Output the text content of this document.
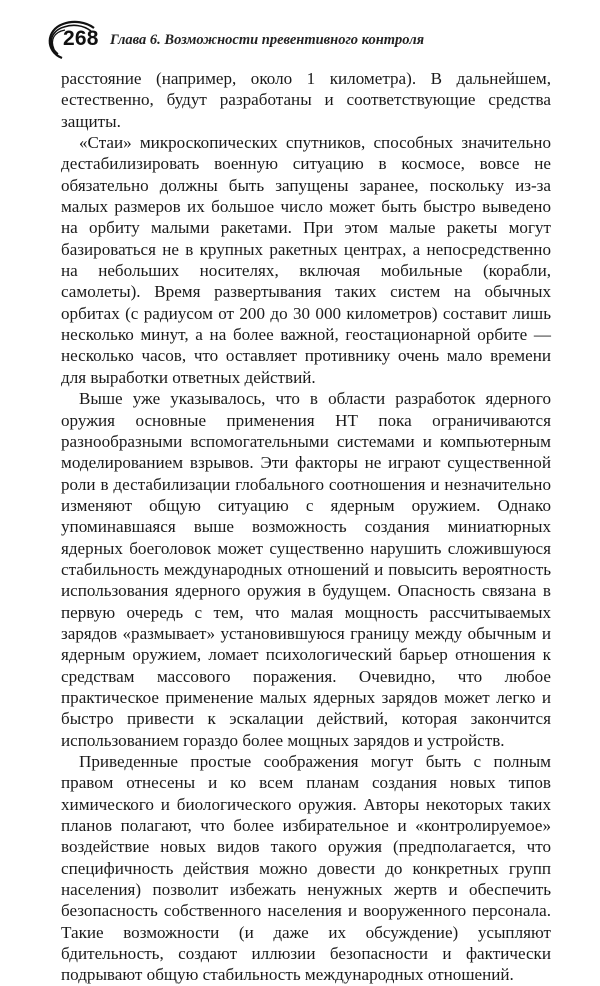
268 Глава 6. Возможности превентивного контроля

расстояние (например, около 1 километра). В дальнейшем, естественно, будут разработаны и соответствующие средства защиты.

«Стаи» микроскопических спутников, способных значительно дестабилизировать военную ситуацию в космосе, вовсе не обязательно должны быть запущены заранее, поскольку из-за малых размеров их большое число может быть быстро выведено на орбиту малыми ракетами. При этом малые ракеты могут базироваться не в крупных ракетных центрах, а непосредственно на небольших носителях, включая мобильные (корабли, самолеты). Время развертывания таких систем на обычных орбитах (с радиусом от 200 до 30 000 километров) составит лишь несколько минут, а на более важной, геостационарной орбите — несколько часов, что оставляет противнику очень мало времени для выработки ответных действий.

Выше уже указывалось, что в области разработок ядерного оружия основные применения НТ пока ограничиваются разнообразными вспомогательными системами и компьютерным моделированием взрывов. Эти факторы не играют существенной роли в дестабилизации глобального соотношения и незначительно изменяют общую ситуацию с ядерным оружием. Однако упоминавшаяся выше возможность создания миниатюрных ядерных боеголовок может существенно нарушить сложившуюся стабильность международных отношений и повысить вероятность использования ядерного оружия в будущем. Опасность связана в первую очередь с тем, что малая мощность рассчитываемых зарядов «размывает» установившуюся границу между обычным и ядерным оружием, ломает психологический барьер отношения к средствам массового поражения. Очевидно, что любое практическое применение малых ядерных зарядов может легко и быстро привести к эскалации действий, которая закончится использованием гораздо более мощных зарядов и устройств.

Приведенные простые соображения могут быть с полным правом отнесены и ко всем планам создания новых типов химического и биологического оружия. Авторы некоторых таких планов полагают, что более избирательное и «контролируемое» воздействие новых видов такого оружия (предполагается, что специфичность действия можно довести до конкретных групп населения) позволит избежать ненужных жертв и обеспечить безопасность собственного населения и вооруженного персонала. Такие возможности (и даже их обсуждение) усыпляют бдительность, создают иллюзии безопасности и фактически подрывают общую стабильность международных отношений.
